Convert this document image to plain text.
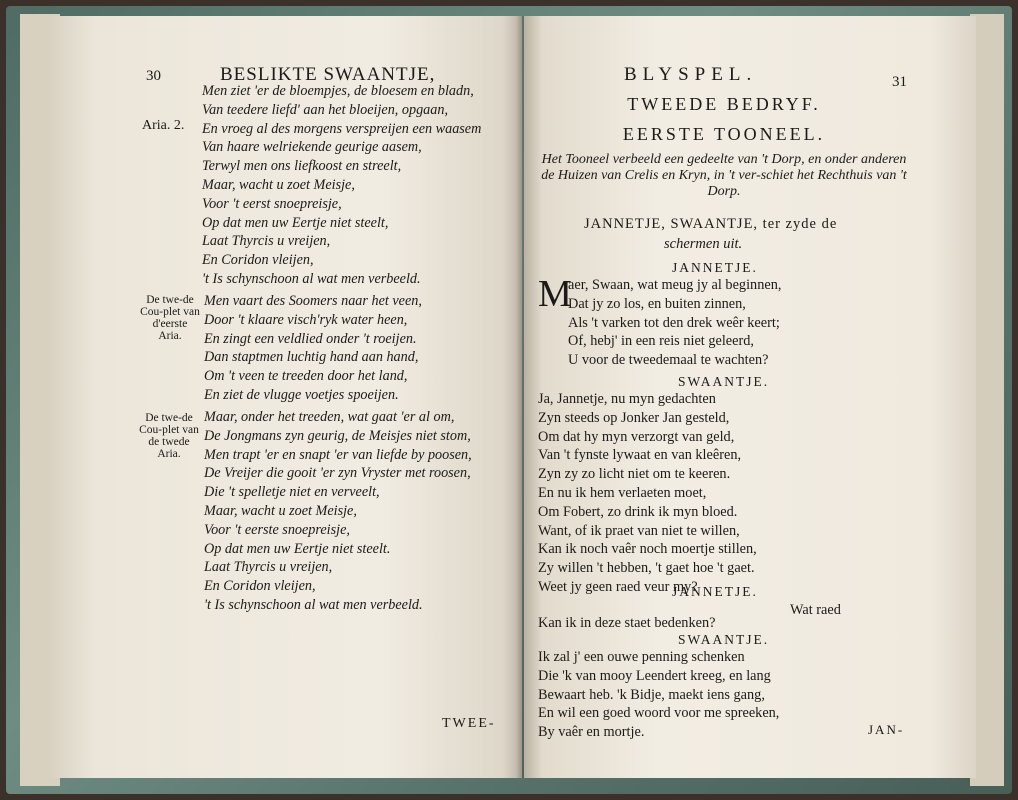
30	BESLIKTE SWAANTJE,
Aria. 2.
Men ziet 'er de bloempjes, de bloesem en bladn,
Van teedere liefd' aan het bloeijen, opgaan,
En vroeg al des morgens verspreijen een waasem
Van haare welriekende geurige aasem,
Terwyl men ons liefkoost en streelt,
Maar, wacht u zoet Meisje,
Voor 't eerst snoepreisje,
Op dat men uw Eertje niet steelt,
Laat Thyrcis u vreijen,
En Coridon vleijen,
't Is schynschoon al wat men verbeeld.
De twe-de Cou-plet van d'eerste Aria.
Men vaart des Soomers naar het veen,
Door 't klaare visch'ryk water heen,
En zingt een veldlied onder 't roeijen.
Dan staptmen luchtig hand aan hand,
Om 't veen te treeden door het land,
En ziet de vlugge voetjes spoeijen.
De twe-de Cou-plet van de twede Aria.
Maar, onder het treeden, wat gaat 'er al om,
De Jongmans zyn geurig, de Meisjes niet stom,
Men trapt 'er en snapt 'er van liefde by poosen,
De Vreijer die gooit 'er zyn Vryster met roosen,
Die 't spelletje niet en verveelt,
Maar, wacht u zoet Meisje,
Voor 't eerste snoepreisje,
Op dat men uw Eertje niet steelt.
Laat Thyrcis u vreijen,
En Coridon vleijen,
't Is schynschoon al wat men verbeeld.
TWEE-
BLYSPEL.	31
TWEEDE BEDRYF.
EERSTE TOONEEL.
Het Tooneel verbeeld een gedeelte van 't Dorp, en onder anderen de Huizen van Crelis en Kryn, in 't ver-schiet het Rechthuis van 't Dorp.
JANNETJE, SWAANTJE, ter zyde de
schermen uit.
JANNETJE.
M
aer, Swaan, wat meug jy al beginnen,
Dat jy zo los, en buiten zinnen,
Als 't varken tot den drek weêr keert;
Of, hebj' in een reis niet geleerd,
U voor de tweedemaal te wachten?
SWAANTJE.
Ja, Jannetje, nu myn gedachten
Zyn steeds op Jonker Jan gesteld,
Om dat hy myn verzorgt van geld,
Van 't fynste lywaat en van kleêren,
Zyn zy zo licht niet om te keeren.
En nu ik hem verlaeten moet,
Om Fobert, zo drink ik myn bloed.
Want, of ik praet van niet te willen,
Kan ik noch vaêr noch moertje stillen,
Zy willen 't hebben, 't gaet hoe 't gaet.
Weet jy geen raed veur my?
JANNETJE.
Wat raed
Kan ik in deze staet bedenken?
SWAANTJE.
Ik zal j' een ouwe penning schenken
Die 'k van mooy Leendert kreeg, en lang
Bewaart heb. 'k Bidje, maekt iens gang,
En wil een goed woord voor me spreeken,
By vaêr en mortje.	JAN-
